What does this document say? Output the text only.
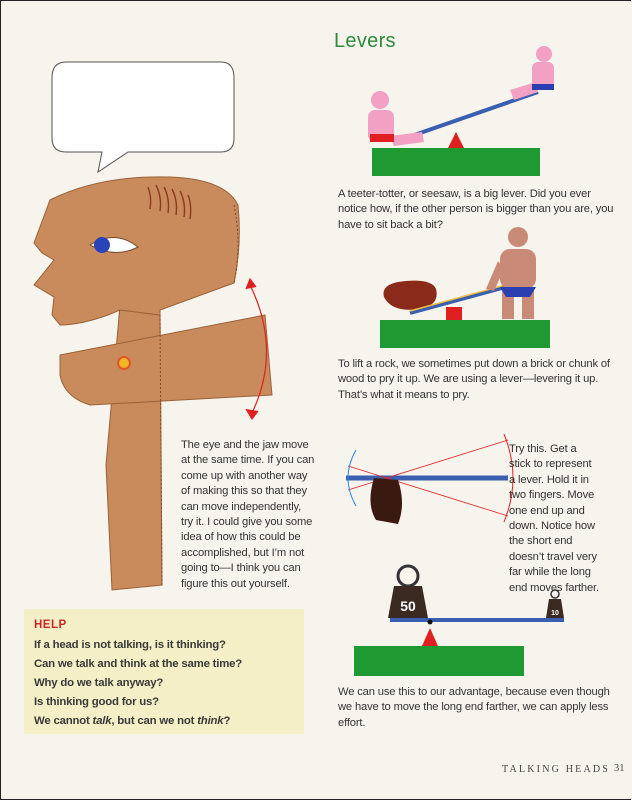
The eye and the jaw move
at the same time. If you can
come up with another way
of making this so that they
can move independently,
try it. I could give you some
idea of how this could be
accomplished, but I’m not
going to—I think you can
figure this out yourself.
HELP
If a head is not talking, is it thinking?
Can we talk and think at the same time?
Why do we talk anyway?
Is thinking good for us?
We cannot talk, but can we not think?
Levers
A teeter-totter, or seesaw, is a big lever. Did you ever notice how, if the other person is bigger than you are, you have to sit back a bit?
To lift a rock, we sometimes put down a brick or chunk of wood to pry it up. We are using a lever—levering it up. That’s what it means to pry.
Try this. Get a
stick to represent
a lever. Hold it in
two fingers. Move
one end up and
down. Notice how
the short end
doesn’t travel very
far while the long
end moves farther.
50	10
We can use this to our advantage, because even though
we have to move the long end farther, we can apply less
effort.
TALKING HEADS 31
